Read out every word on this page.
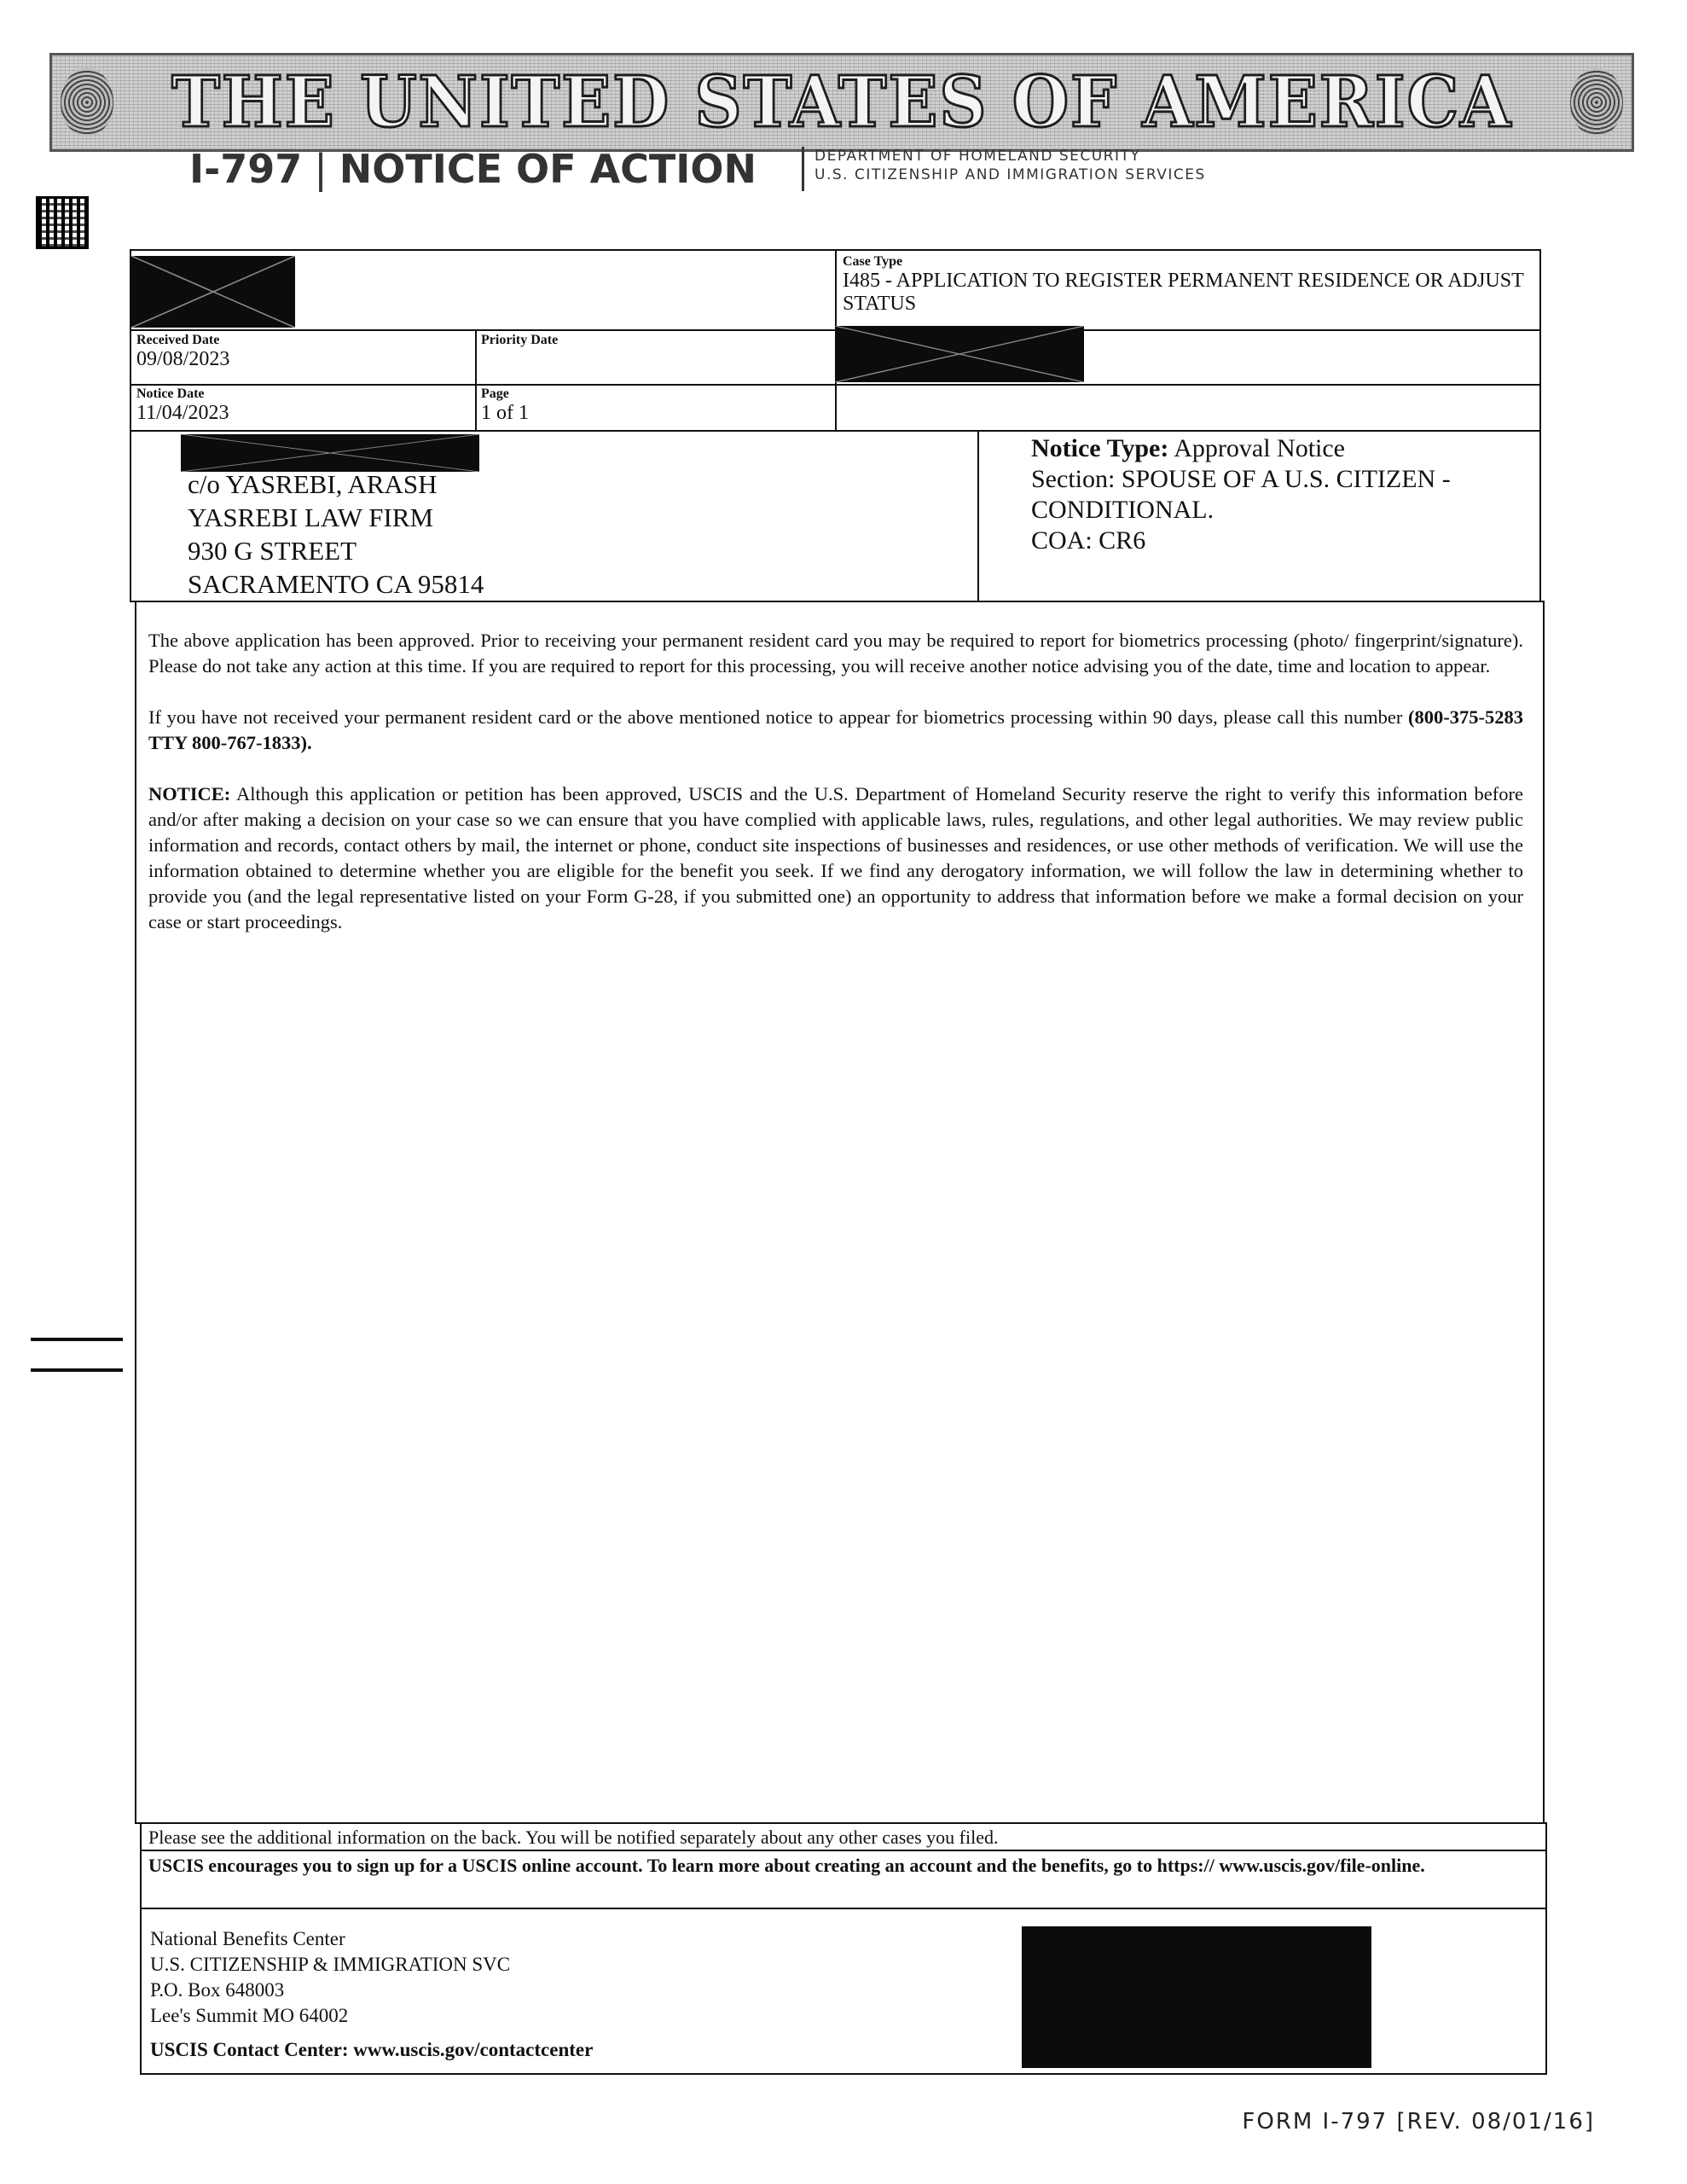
THE UNITED STATES OF AMERICA
I-797 | NOTICE OF ACTION	DEPARTMENT OF HOMELAND SECURITY
U.S. CITIZENSHIP AND IMMIGRATION SERVICES
Case Type
I485 - APPLICATION TO REGISTER PERMANENT RESIDENCE OR ADJUST STATUS
Received Date
09/08/2023
Priority Date
Notice Date
11/04/2023
Page
1 of 1
c/o YASREBI, ARASH
YASREBI LAW FIRM
930 G STREET
SACRAMENTO CA 95814
Notice Type: Approval Notice
Section: SPOUSE OF A U.S. CITIZEN -
CONDITIONAL.
COA: CR6

The above application has been approved. Prior to receiving your permanent resident card you may be required to report for biometrics processing (photo/ fingerprint/signature). Please do not take any action at this time. If you are required to report for this processing, you will receive another notice advising you of the date, time and location to appear.

If you have not received your permanent resident card or the above mentioned notice to appear for biometrics processing within 90 days, please call this number (800-375-5283 TTY 800-767-1833).

NOTICE: Although this application or petition has been approved, USCIS and the U.S. Department of Homeland Security reserve the right to verify this information before and/or after making a decision on your case so we can ensure that you have complied with applicable laws, rules, regulations, and other legal authorities. We may review public information and records, contact others by mail, the internet or phone, conduct site inspections of businesses and residences, or use other methods of verification. We will use the information obtained to determine whether you are eligible for the benefit you seek. If we find any derogatory information, we will follow the law in determining whether to provide you (and the legal representative listed on your Form G-28, if you submitted one) an opportunity to address that information before we make a formal decision on your case or start proceedings.

Please see the additional information on the back. You will be notified separately about any other cases you filed.
USCIS encourages you to sign up for a USCIS online account. To learn more about creating an account and the benefits, go to https:// www.uscis.gov/file-online.
National Benefits Center
U.S. CITIZENSHIP & IMMIGRATION SVC
P.O. Box 648003
Lee's Summit MO 64002
USCIS Contact Center: www.uscis.gov/contactcenter
FORM I-797 [REV. 08/01/16]
